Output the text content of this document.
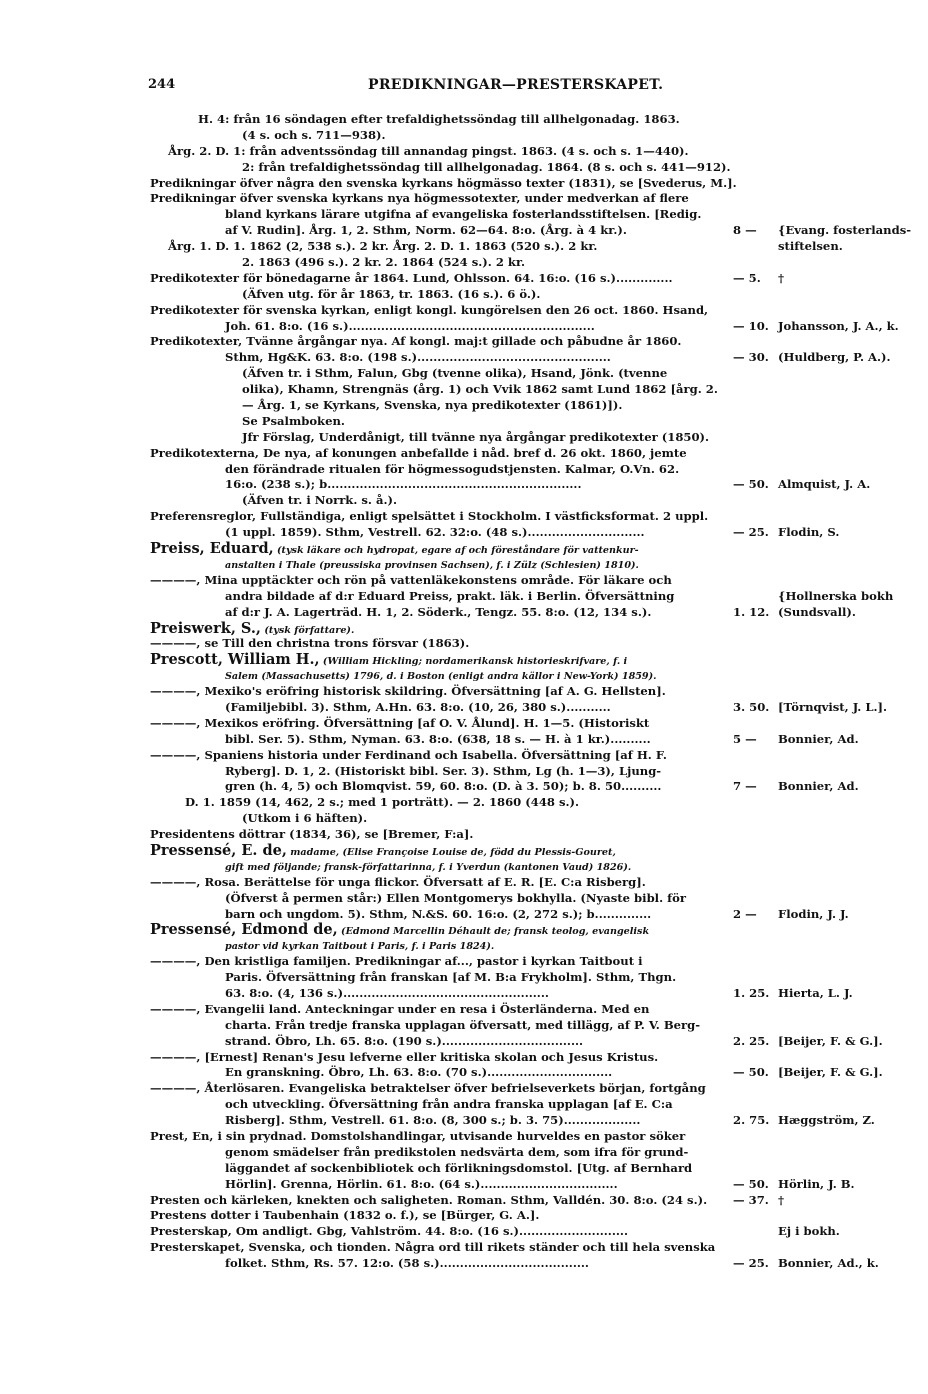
244	PREDIKNINGAR—PRESTERSKAPET.
H. 4: från 16 söndagen efter trefaldighetssöndag till allhelgonadag. 1863.
(4 s. och s. 711—938).
Årg. 2. D. 1: från adventssöndag till annandag pingst. 1863. (4 s. och s. 1—440).
2: från trefaldighetssöndag till allhelgonadag. 1864. (8 s. och s. 441—912).
Predikningar öfver några den svenska kyrkans högmässo texter (1831), se [Svederus, M.].
Predikningar öfver svenska kyrkans nya högmessotexter, under medverkan af flere
bland kyrkans lärare utgifna af evangeliska fosterlandsstiftelsen. [Redig.
af V. Rudin]. Årg. 1, 2. Sthm, Norm. 62—64. 8:o. (Årg. à 4 kr.).	8 — {Evang. fosterlands-
Årg. 1. D. 1. 1862 (2, 538 s.). 2 kr. Årg. 2. D. 1. 1863 (520 s.). 2 kr.	stiftelsen.
2. 1863 (496 s.). 2 kr. 2. 1864 (524 s.). 2 kr.
Predikotexter för bönedagarne år 1864. Lund, Ohlsson. 64. 16:o. (16 s.)..............	— 5. †
(Äfven utg. för år 1863, tr. 1863. (16 s.). 6 ö.).
Predikotexter för svenska kyrkan, enligt kongl. kungörelsen den 26 oct. 1860. Hsand,
Joh. 61. 8:o. (16 s.).............................................................	— 10. Johansson, J. A., k.
Predikotexter, Tvänne årgångar nya. Af kongl. maj:t gillade och påbudne år 1860.
Sthm, Hg&K. 63. 8:o. (198 s.)................................................	— 30. (Huldberg, P. A.).
(Äfven tr. i Sthm, Falun, Gbg (tvenne olika), Hsand, Jönk. (tvenne
olika), Khamn, Strengnäs (årg. 1) och Vvik 1862 samt Lund 1862 [årg. 2.
— Årg. 1, se Kyrkans, Svenska, nya predikotexter (1861)]).
Se Psalmboken.
Jfr Förslag, Underdånigt, till tvänne nya årgångar predikotexter (1850).
Predikotexterna, De nya, af konungen anbefallde i nåd. bref d. 26 okt. 1860, jemte
den förändrade ritualen för högmessogudstjensten. Kalmar, O.Vn. 62.
16:o. (238 s.); b...............................................................	— 50. Almquist, J. A.
(Äfven tr. i Norrk. s. å.).
Preferensreglor, Fullständiga, enligt spelsättet i Stockholm. I västficksformat. 2 uppl.
(1 uppl. 1859). Sthm, Vestrell. 62. 32:o. (48 s.).............................	— 25. Flodin, S.
Preiss, Eduard, (tysk läkare och hydropat, egare af och föreståndare för vattenkur-
anstalten i Thale (preussiska provinsen Sachsen), f. i Zülz (Schlesien) 1810).
————, Mina upptäckter och rön på vattenläkekonstens område. För läkare och
andra bildade af d:r Eduard Preiss, prakt. läk. i Berlin. Öfversättning	{Hollnerska bokh
af d:r J. A. Lagerträd. H. 1, 2. Söderk., Tengz. 55. 8:o. (12, 134 s.).	1. 12. (Sundsvall).
Preiswerk, S., (tysk författare).
————, se Till den christna trons försvar (1863).
Prescott, William H., (William Hickling; nordamerikansk historieskrifvare, f. i
Salem (Massachusetts) 1796, d. i Boston (enligt andra källor i New-York) 1859).
————, Mexiko's eröfring historisk skildring. Öfversättning [af A. G. Hellsten].
(Familjebibl. 3). Sthm, A.Hn. 63. 8:o. (10, 26, 380 s.)...........	3. 50. [Törnqvist, J. L.].
————, Mexikos eröfring. Öfversättning [af O. V. Ålund]. H. 1—5. (Historiskt
bibl. Ser. 5). Sthm, Nyman. 63. 8:o. (638, 18 s. — H. à 1 kr.)..........	5 — Bonnier, Ad.
————, Spaniens historia under Ferdinand och Isabella. Öfversättning [af H. F.
Ryberg]. D. 1, 2. (Historiskt bibl. Ser. 3). Sthm, Lg (h. 1—3), Ljung-
gren (h. 4, 5) och Blomqvist. 59, 60. 8:o. (D. à 3. 50); b. 8. 50..........	7 — Bonnier, Ad.
D. 1. 1859 (14, 462, 2 s.; med 1 porträtt). — 2. 1860 (448 s.).
(Utkom i 6 häften).
Presidentens döttrar (1834, 36), se [Bremer, F:a].
Pressensé, E. de, madame, (Elise Françoise Louise de, född du Plessis-Gouret,
gift med följande; fransk-författarinna, f. i Yverdun (kantonen Vaud) 1826).
————, Rosa. Berättelse för unga flickor. Öfversatt af E. R. [E. C:a Risberg].
(Öfverst å permen står:) Ellen Montgomerys bokhylla. (Nyaste bibl. för
barn och ungdom. 5). Sthm, N.&S. 60. 16:o. (2, 272 s.); b..............	2 — Flodin, J. J.
Pressensé, Edmond de, (Edmond Marcellin Déhault de; fransk teolog, evangelisk
pastor vid kyrkan Taitbout i Paris, f. i Paris 1824).
————, Den kristliga familjen. Predikningar af..., pastor i kyrkan Taitbout i
Paris. Öfversättning från franskan [af M. B:a Frykholm]. Sthm, Thgn.
63. 8:o. (4, 136 s.)...................................................	1. 25. Hierta, L. J.
————, Evangelii land. Anteckningar under en resa i Österländerna. Med en
charta. Från tredje franska upplagan öfversatt, med tillägg, af P. V. Berg-
strand. Öbro, Lh. 65. 8:o. (190 s.)...................................	2. 25. [Beijer, F. & G.].
————, [Ernest] Renan's Jesu lefverne eller kritiska skolan och Jesus Kristus.
En granskning. Öbro, Lh. 63. 8:o. (70 s.)...............................	— 50. [Beijer, F. & G.].
————, Återlösaren. Evangeliska betraktelser öfver befrielseverkets början, fortgång
och utveckling. Öfversättning från andra franska upplagan [af E. C:a
Risberg]. Sthm, Vestrell. 61. 8:o. (8, 300 s.; b. 3. 75)...................	2. 75. Hæggström, Z.
Prest, En, i sin prydnad. Domstolshandlingar, utvisande hurveldes en pastor söker
genom smädelser från predikstolen nedsvärta dem, som ifra för grund-
läggandet af sockenbibliotek och förlikningsdomstol. [Utg. af Bernhard
Hörlin]. Grenna, Hörlin. 61. 8:o. (64 s.)..................................	— 50. Hörlin, J. B.
Presten och kärleken, knekten och saligheten. Roman. Sthm, Valldén. 30. 8:o. (24 s.). — 37. †
Prestens dotter i Taubenhain (1832 o. f.), se [Bürger, G. A.].
Presterskap, Om andligt. Gbg, Vahlström. 44. 8:o. (16 s.)...........................	Ej i bokh.
Presterskapet, Svenska, och tionden. Några ord till rikets ständer och till hela svenska
folket. Sthm, Rs. 57. 12:o. (58 s.).....................................	— 25. Bonnier, Ad., k.
